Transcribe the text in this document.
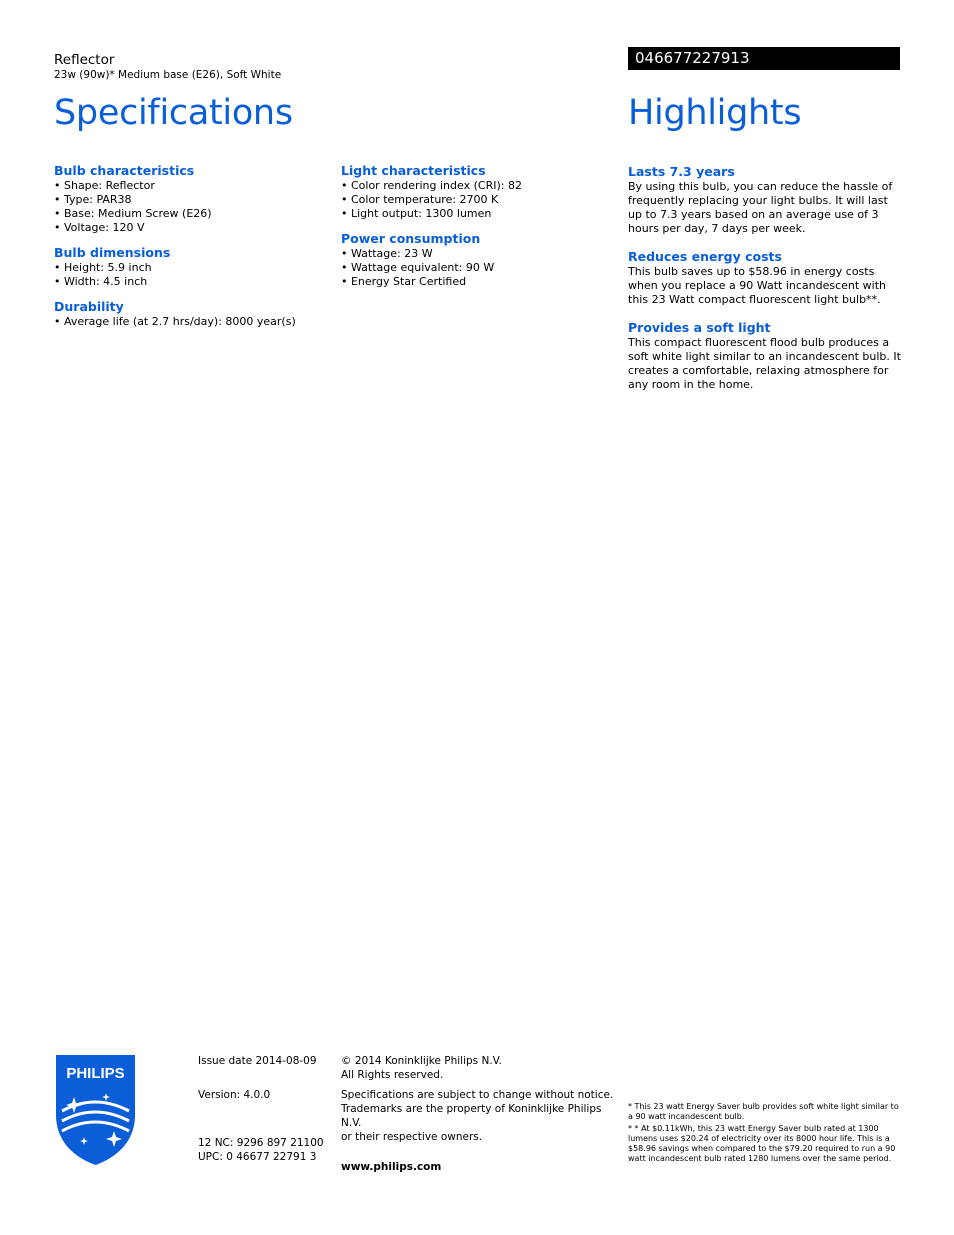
Reflector
23w (90w)* Medium base (E26), Soft White
046677227913
Specifications	Highlights

Bulb characteristics

• Shape: Reflector
• Type: PAR38
• Base: Medium Screw (E26)
• Voltage: 120 V

Bulb dimensions

• Height: 5.9 inch
• Width: 4.5 inch

Durability

• Average life (at 2.7 hrs/day): 8000 year(s)

Light characteristics

• Color rendering index (CRI): 82
• Color temperature: 2700 K
• Light output: 1300 lumen

Power consumption

• Wattage: 23 W
• Wattage equivalent: 90 W
• Energy Star Certified

Lasts 7.3 years

By using this bulb, you can reduce the hassle of frequently replacing your light bulbs. It will last up to 7.3 years based on an average use of 3 hours per day, 7 days per week.

Reduces energy costs

This bulb saves up to $58.96 in energy costs when you replace a 90 Watt incandescent with this 23 Watt compact fluorescent light bulb**.

Provides a soft light

This compact fluorescent flood bulb produces a soft white light similar to an incandescent bulb. It creates a comfortable, relaxing atmosphere for any room in the home.

PHILIPS
Issue date 2014-08-09
Version: 4.0.0
12 NC: 9296 897 21100
UPC: 0 46677 22791 3
© 2014 Koninklijke Philips N.V.
All Rights reserved.
Specifications are subject to change without notice.
Trademarks are the property of Koninklijke Philips N.V.
or their respective owners.
www.philips.com
* This 23 watt Energy Saver bulb provides soft white light similar to a 90 watt incandescent bulb.
* * At $0.11kWh, this 23 watt Energy Saver bulb rated at 1300 lumens uses $20.24 of electricity over its 8000 hour life. This is a $58.96 savings when compared to the $79.20 required to run a 90 watt incandescent bulb rated 1280 lumens over the same period.
